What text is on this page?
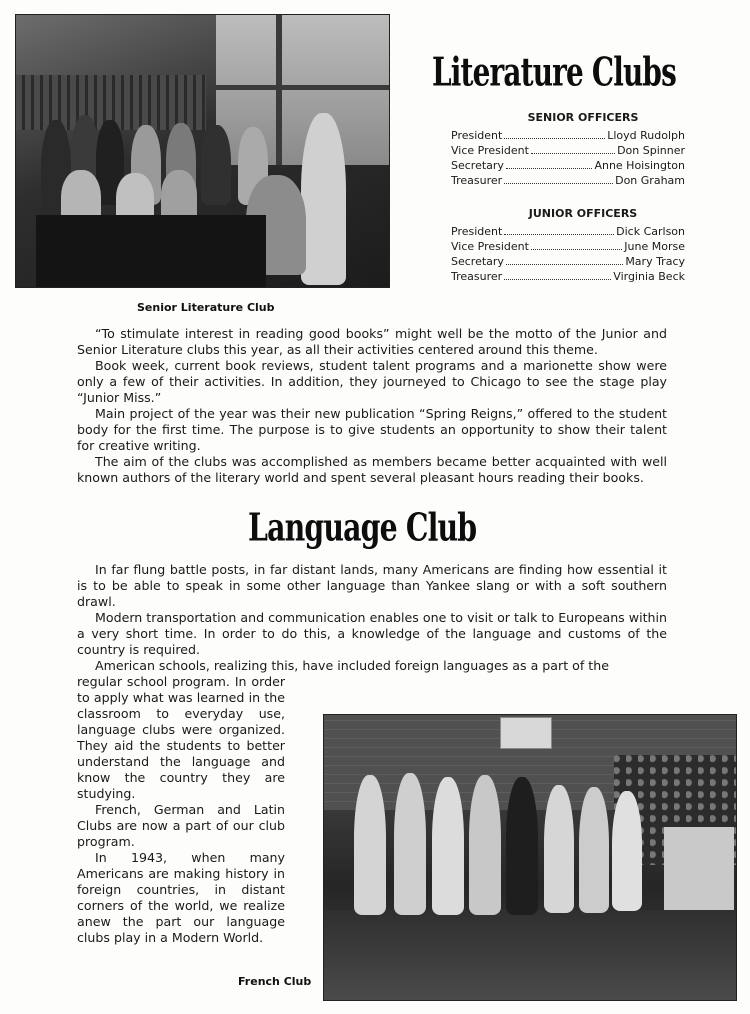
Senior Literature Club
Literature Clubs
SENIOR OFFICERS
President	Lloyd Rudolph
Vice President	Don Spinner
Secretary	Anne Hoisington
Treasurer	Don Graham
JUNIOR OFFICERS
President	Dick Carlson
Vice President	June Morse
Secretary	Mary Tracy
Treasurer	Virginia Beck

“To stimulate interest in reading good books” might well be the motto of the Junior and Senior Literature clubs this year, as all their activities centered around this theme.

Book week, current book reviews, student talent programs and a marionette show were only a few of their activities. In addition, they journeyed to Chicago to see the stage play “Junior Miss.”

Main project of the year was their new publication “Spring Reigns,” offered to the student body for the first time. The purpose is to give students an opportunity to show their talent for creative writing.

The aim of the clubs was accomplished as members became better acquainted with well known authors of the literary world and spent several pleasant hours reading their books.

Language Club

In far flung battle posts, in far distant lands, many Americans are finding how essential it is to be able to speak in some other language than Yankee slang or with a soft southern drawl.

Modern transportation and communication enables one to visit or talk to Europeans within a very short time. In order to do this, a knowledge of the language and customs of the country is required.

American schools, realizing this, have included foreign languages as a part of the

regular school program. In order to apply what was learned in the classroom to everyday use, language clubs were organized. They aid the students to better understand the language and know the country they are studying.

French, German and Latin Clubs are now a part of our club program.

In 1943, when many Americans are making history in foreign countries, in distant corners of the world, we realize anew the part our language clubs play in a Modern World.

French Club
